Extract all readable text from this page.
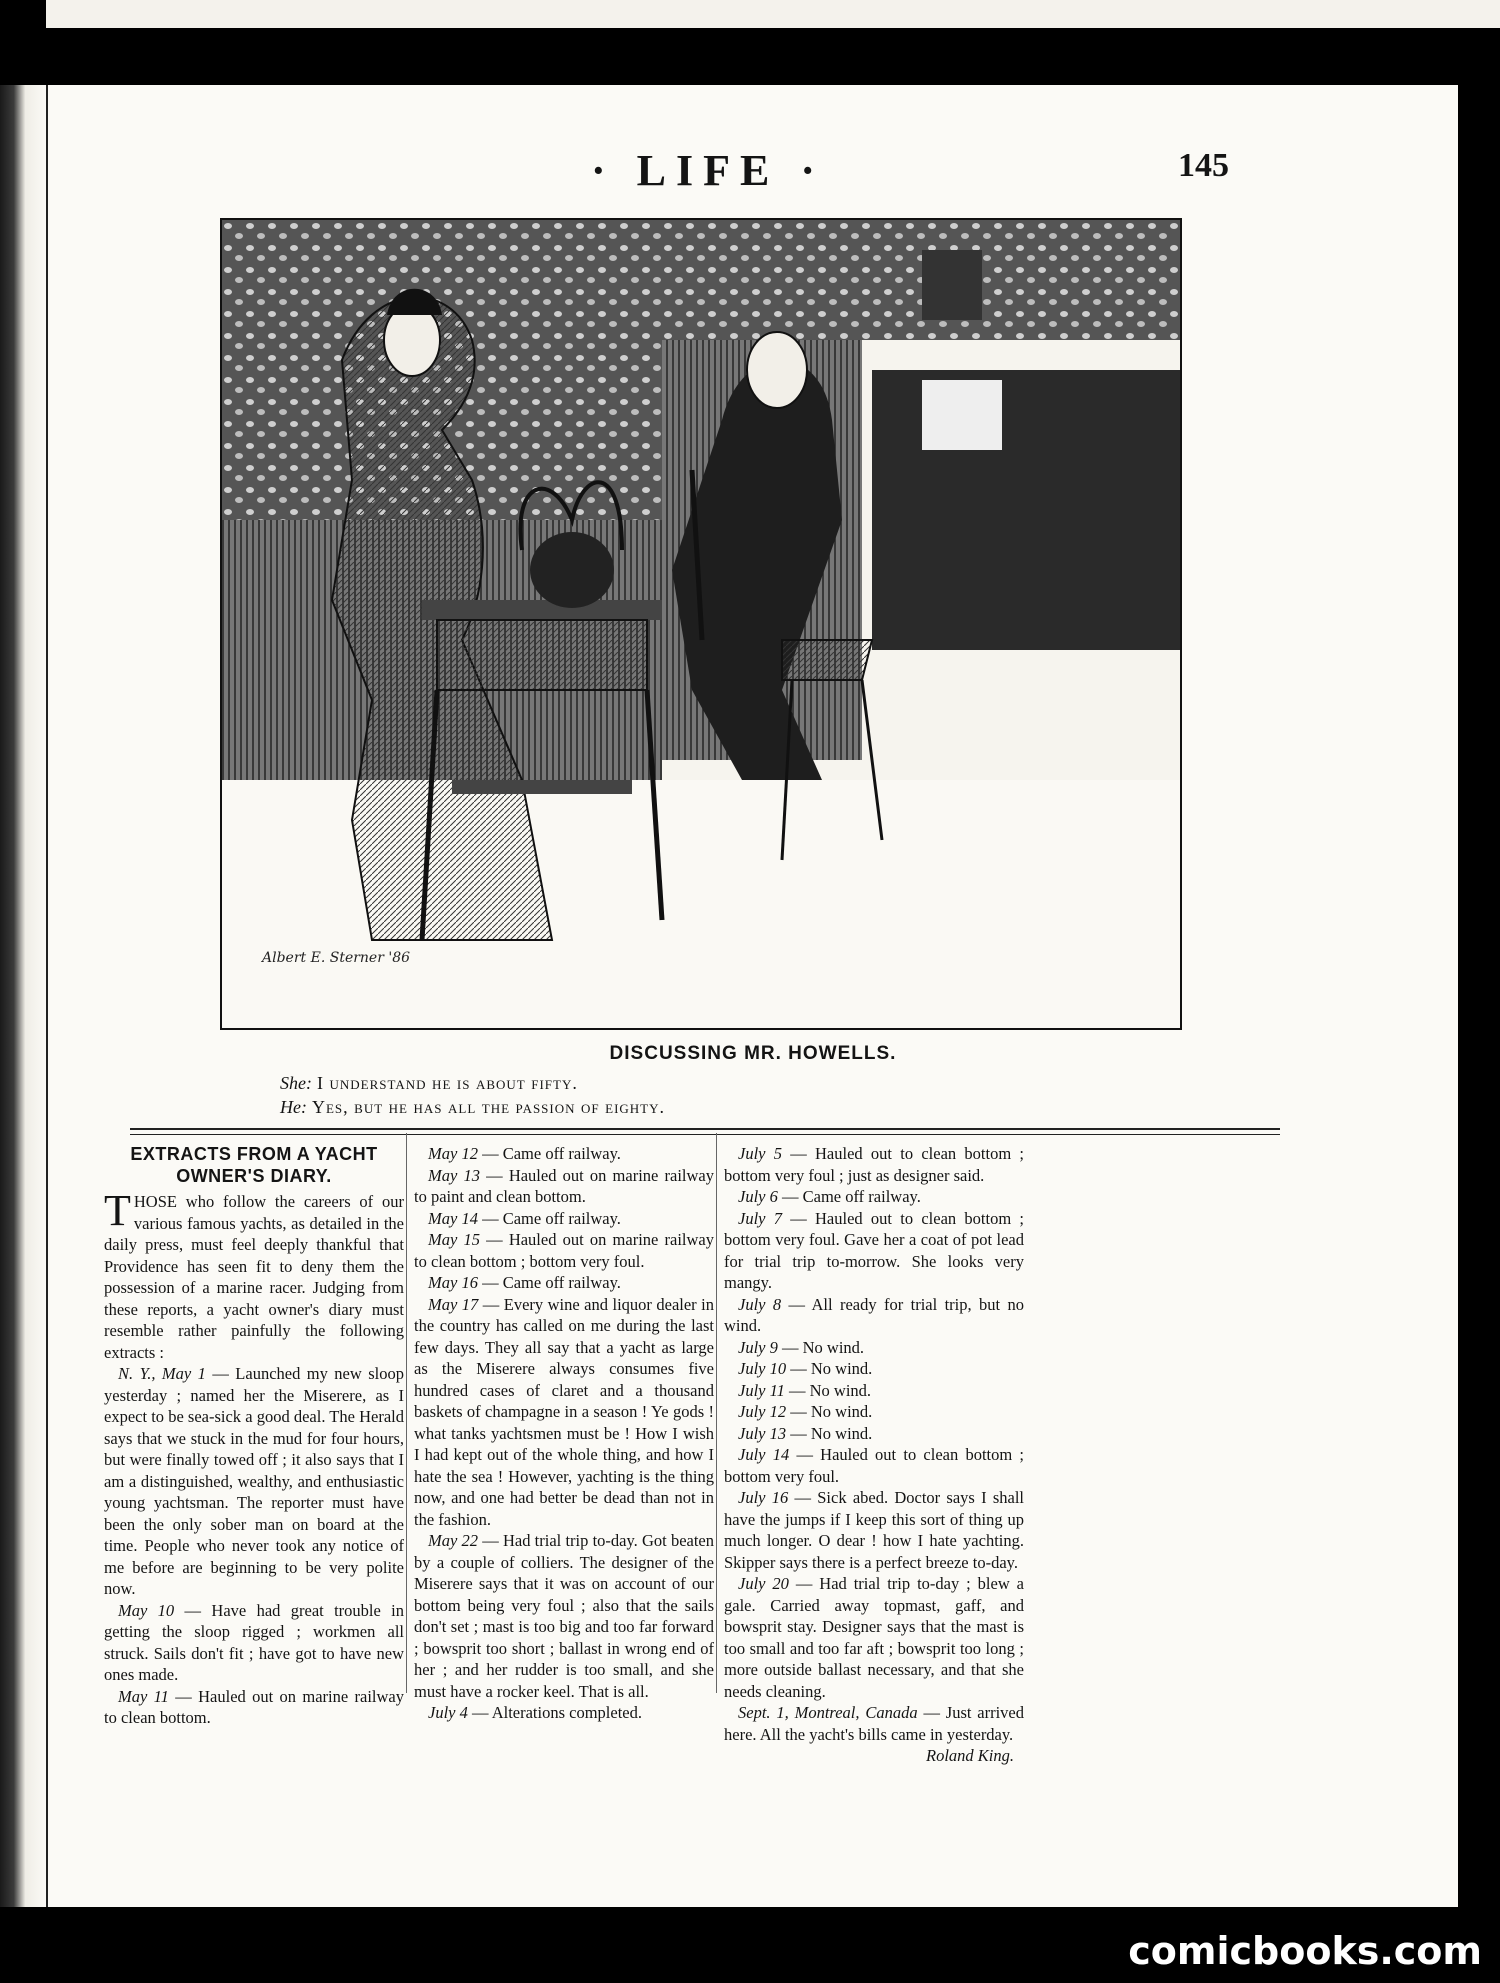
· LIFE ·	145
Albert E. Sterner '86
DISCUSSING MR. HOWELLS.
She: I understand he is about fifty.
He: Yes, but he has all the passion of eighty.
EXTRACTS FROM A YACHT
OWNER'S DIARY.

THOSE who follow the careers of our various famous yachts, as detailed in the daily press, must feel deeply thankful that Providence has seen fit to deny them the possession of a marine racer. Judging from these reports, a yacht owner's diary must resemble rather painfully the following extracts :

N. Y., May 1 — Launched my new sloop yesterday ; named her the Miserere, as I expect to be sea-sick a good deal. The Herald says that we stuck in the mud for four hours, but were finally towed off ; it also says that I am a distinguished, wealthy, and enthusiastic young yachtsman. The reporter must have been the only sober man on board at the time. People who never took any notice of me before are beginning to be very polite now.

May 10 — Have had great trouble in getting the sloop rigged ; workmen all struck. Sails don't fit ; have got to have new ones made.

May 11 — Hauled out on marine railway to clean bottom.

May 12 — Came off railway.

May 13 — Hauled out on marine railway to paint and clean bottom.

May 14 — Came off railway.

May 15 — Hauled out on marine railway to clean bottom ; bottom very foul.

May 16 — Came off railway.

May 17 — Every wine and liquor dealer in the country has called on me during the last few days. They all say that a yacht as large as the Miserere always consumes five hundred cases of claret and a thousand baskets of champagne in a season ! Ye gods ! what tanks yachtsmen must be ! How I wish I had kept out of the whole thing, and how I hate the sea ! However, yachting is the thing now, and one had better be dead than not in the fashion.

May 22 — Had trial trip to-day. Got beaten by a couple of colliers. The designer of the Miserere says that it was on account of our bottom being very foul ; also that the sails don't set ; mast is too big and too far forward ; bowsprit too short ; ballast in wrong end of her ; and her rudder is too small, and she must have a rocker keel. That is all.

July 4 — Alterations completed.

July 5 — Hauled out to clean bottom ; bottom very foul ; just as designer said.

July 6 — Came off railway.

July 7 — Hauled out to clean bottom ; bottom very foul. Gave her a coat of pot lead for trial trip to-morrow. She looks very mangy.

July 8 — All ready for trial trip, but no wind.

July 9 — No wind.

July 10 — No wind.

July 11 — No wind.

July 12 — No wind.

July 13 — No wind.

July 14 — Hauled out to clean bottom ; bottom very foul.

July 16 — Sick abed. Doctor says I shall have the jumps if I keep this sort of thing up much longer. O dear ! how I hate yachting. Skipper says there is a perfect breeze to-day.

July 20 — Had trial trip to-day ; blew a gale. Carried away topmast, gaff, and bowsprit stay. Designer says that the mast is too small and too far aft ; bowsprit too long ; more outside ballast necessary, and that she needs cleaning.

Sept. 1, Montreal, Canada — Just arrived here. All the yacht's bills came in yesterday.

Roland King.

comicbooks.com
